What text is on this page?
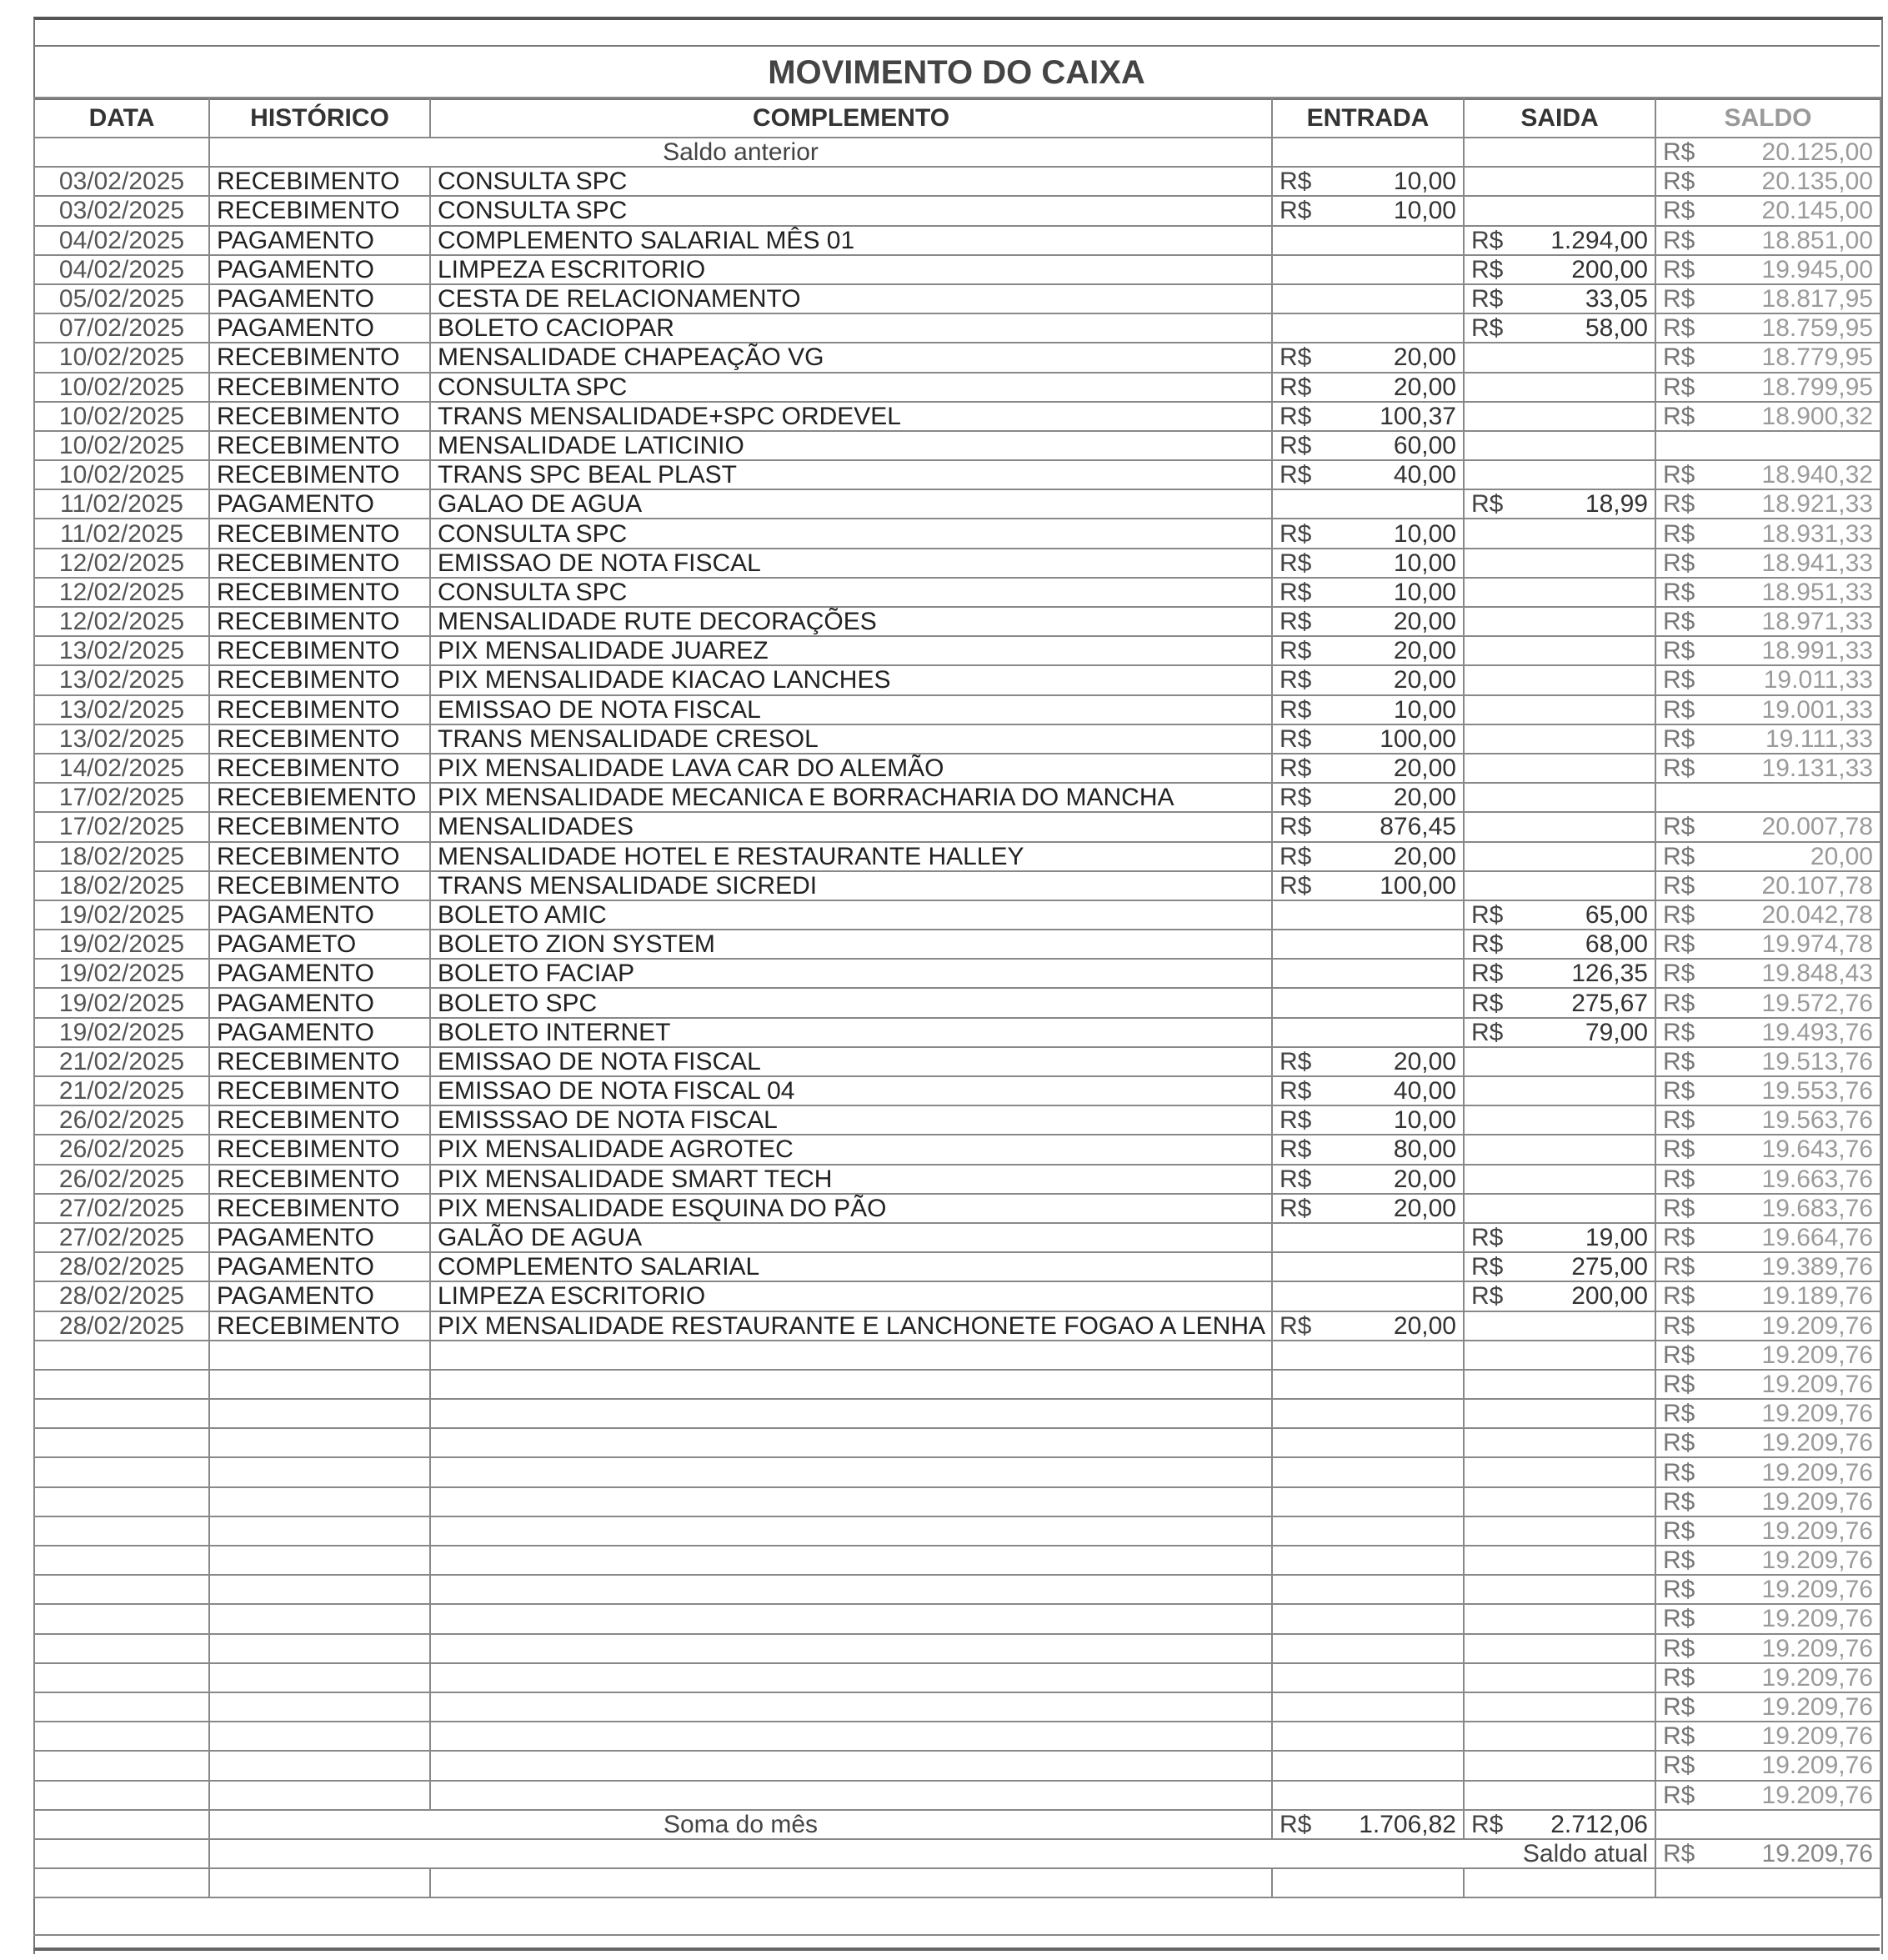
MOVIMENTO DO CAIXA
DATA	HISTÓRICO	COMPLEMENTO	ENTRADA	SAIDA	SALDO
	Saldo anterior				R$ 20.125,00

03/02/2025	RECEBIMENTO	CONSULTA SPC	R$ 10,00		R$ 20.135,00

03/02/2025	RECEBIMENTO	CONSULTA SPC	R$ 10,00		R$ 20.145,00

04/02/2025	PAGAMENTO	COMPLEMENTO SALARIAL MÊS 01		R$ 1.294,00	R$ 18.851,00

04/02/2025	PAGAMENTO	LIMPEZA ESCRITORIO		R$ 200,00	R$ 19.945,00

05/02/2025	PAGAMENTO	CESTA DE RELACIONAMENTO		R$ 33,05	R$ 18.817,95

07/02/2025	PAGAMENTO	BOLETO CACIOPAR		R$ 58,00	R$ 18.759,95

10/02/2025	RECEBIMENTO	MENSALIDADE CHAPEAÇÃO VG	R$ 20,00		R$ 18.779,95

10/02/2025	RECEBIMENTO	CONSULTA SPC	R$ 20,00		R$ 18.799,95

10/02/2025	RECEBIMENTO	TRANS MENSALIDADE+SPC ORDEVEL	R$ 100,37		R$ 18.900,32

10/02/2025	RECEBIMENTO	MENSALIDADE LATICINIO	R$ 60,00		

10/02/2025	RECEBIMENTO	TRANS SPC BEAL PLAST	R$ 40,00		R$ 18.940,32

11/02/2025	PAGAMENTO	GALAO DE AGUA		R$ 18,99	R$ 18.921,33

11/02/2025	RECEBIMENTO	CONSULTA SPC	R$ 10,00		R$ 18.931,33

12/02/2025	RECEBIMENTO	EMISSAO DE NOTA FISCAL	R$ 10,00		R$ 18.941,33

12/02/2025	RECEBIMENTO	CONSULTA SPC	R$ 10,00		R$ 18.951,33

12/02/2025	RECEBIMENTO	MENSALIDADE RUTE DECORAÇÕES	R$ 20,00		R$ 18.971,33

13/02/2025	RECEBIMENTO	PIX MENSALIDADE JUAREZ	R$ 20,00		R$ 18.991,33

13/02/2025	RECEBIMENTO	PIX MENSALIDADE KIACAO LANCHES	R$ 20,00		R$ 19.011,33

13/02/2025	RECEBIMENTO	EMISSAO DE NOTA FISCAL	R$ 10,00		R$ 19.001,33

13/02/2025	RECEBIMENTO	TRANS MENSALIDADE CRESOL	R$ 100,00		R$ 19.111,33

14/02/2025	RECEBIMENTO	PIX MENSALIDADE LAVA CAR DO ALEMÃO	R$ 20,00		R$ 19.131,33

17/02/2025	RECEBIEMENTO	PIX MENSALIDADE MECANICA E BORRACHARIA DO MANCHA	R$ 20,00		

17/02/2025	RECEBIMENTO	MENSALIDADES	R$ 876,45		R$ 20.007,78

18/02/2025	RECEBIMENTO	MENSALIDADE HOTEL E RESTAURANTE HALLEY	R$ 20,00		R$ 20,00

18/02/2025	RECEBIMENTO	TRANS MENSALIDADE SICREDI	R$ 100,00		R$ 20.107,78

19/02/2025	PAGAMENTO	BOLETO AMIC		R$ 65,00	R$ 20.042,78

19/02/2025	PAGAMETO	BOLETO ZION SYSTEM		R$ 68,00	R$ 19.974,78

19/02/2025	PAGAMENTO	BOLETO FACIAP		R$ 126,35	R$ 19.848,43

19/02/2025	PAGAMENTO	BOLETO SPC		R$ 275,67	R$ 19.572,76

19/02/2025	PAGAMENTO	BOLETO INTERNET		R$ 79,00	R$ 19.493,76

21/02/2025	RECEBIMENTO	EMISSAO DE NOTA FISCAL	R$ 20,00		R$ 19.513,76

21/02/2025	RECEBIMENTO	EMISSAO DE NOTA FISCAL 04	R$ 40,00		R$ 19.553,76

26/02/2025	RECEBIMENTO	EMISSSAO DE NOTA FISCAL	R$ 10,00		R$ 19.563,76

26/02/2025	RECEBIMENTO	PIX MENSALIDADE AGROTEC	R$ 80,00		R$ 19.643,76

26/02/2025	RECEBIMENTO	PIX MENSALIDADE SMART TECH	R$ 20,00		R$ 19.663,76

27/02/2025	RECEBIMENTO	PIX MENSALIDADE ESQUINA DO PÃO	R$ 20,00		R$ 19.683,76

27/02/2025	PAGAMENTO	GALÃO DE AGUA		R$ 19,00	R$ 19.664,76

28/02/2025	PAGAMENTO	COMPLEMENTO SALARIAL		R$ 275,00	R$ 19.389,76

28/02/2025	PAGAMENTO	LIMPEZA ESCRITORIO		R$ 200,00	R$ 19.189,76

28/02/2025	RECEBIMENTO	PIX MENSALIDADE RESTAURANTE E LANCHONETE FOGAO A LENHA	R$ 20,00		R$ 19.209,76

					R$ 19.209,76

					R$ 19.209,76

					R$ 19.209,76

					R$ 19.209,76

					R$ 19.209,76

					R$ 19.209,76

					R$ 19.209,76

					R$ 19.209,76

					R$ 19.209,76

					R$ 19.209,76

					R$ 19.209,76

					R$ 19.209,76

					R$ 19.209,76

					R$ 19.209,76

					R$ 19.209,76

					R$ 19.209,76

	Soma do mês		R$ 1.706,82	R$ 2.712,06	

	Saldo atual				R$ 19.209,76
